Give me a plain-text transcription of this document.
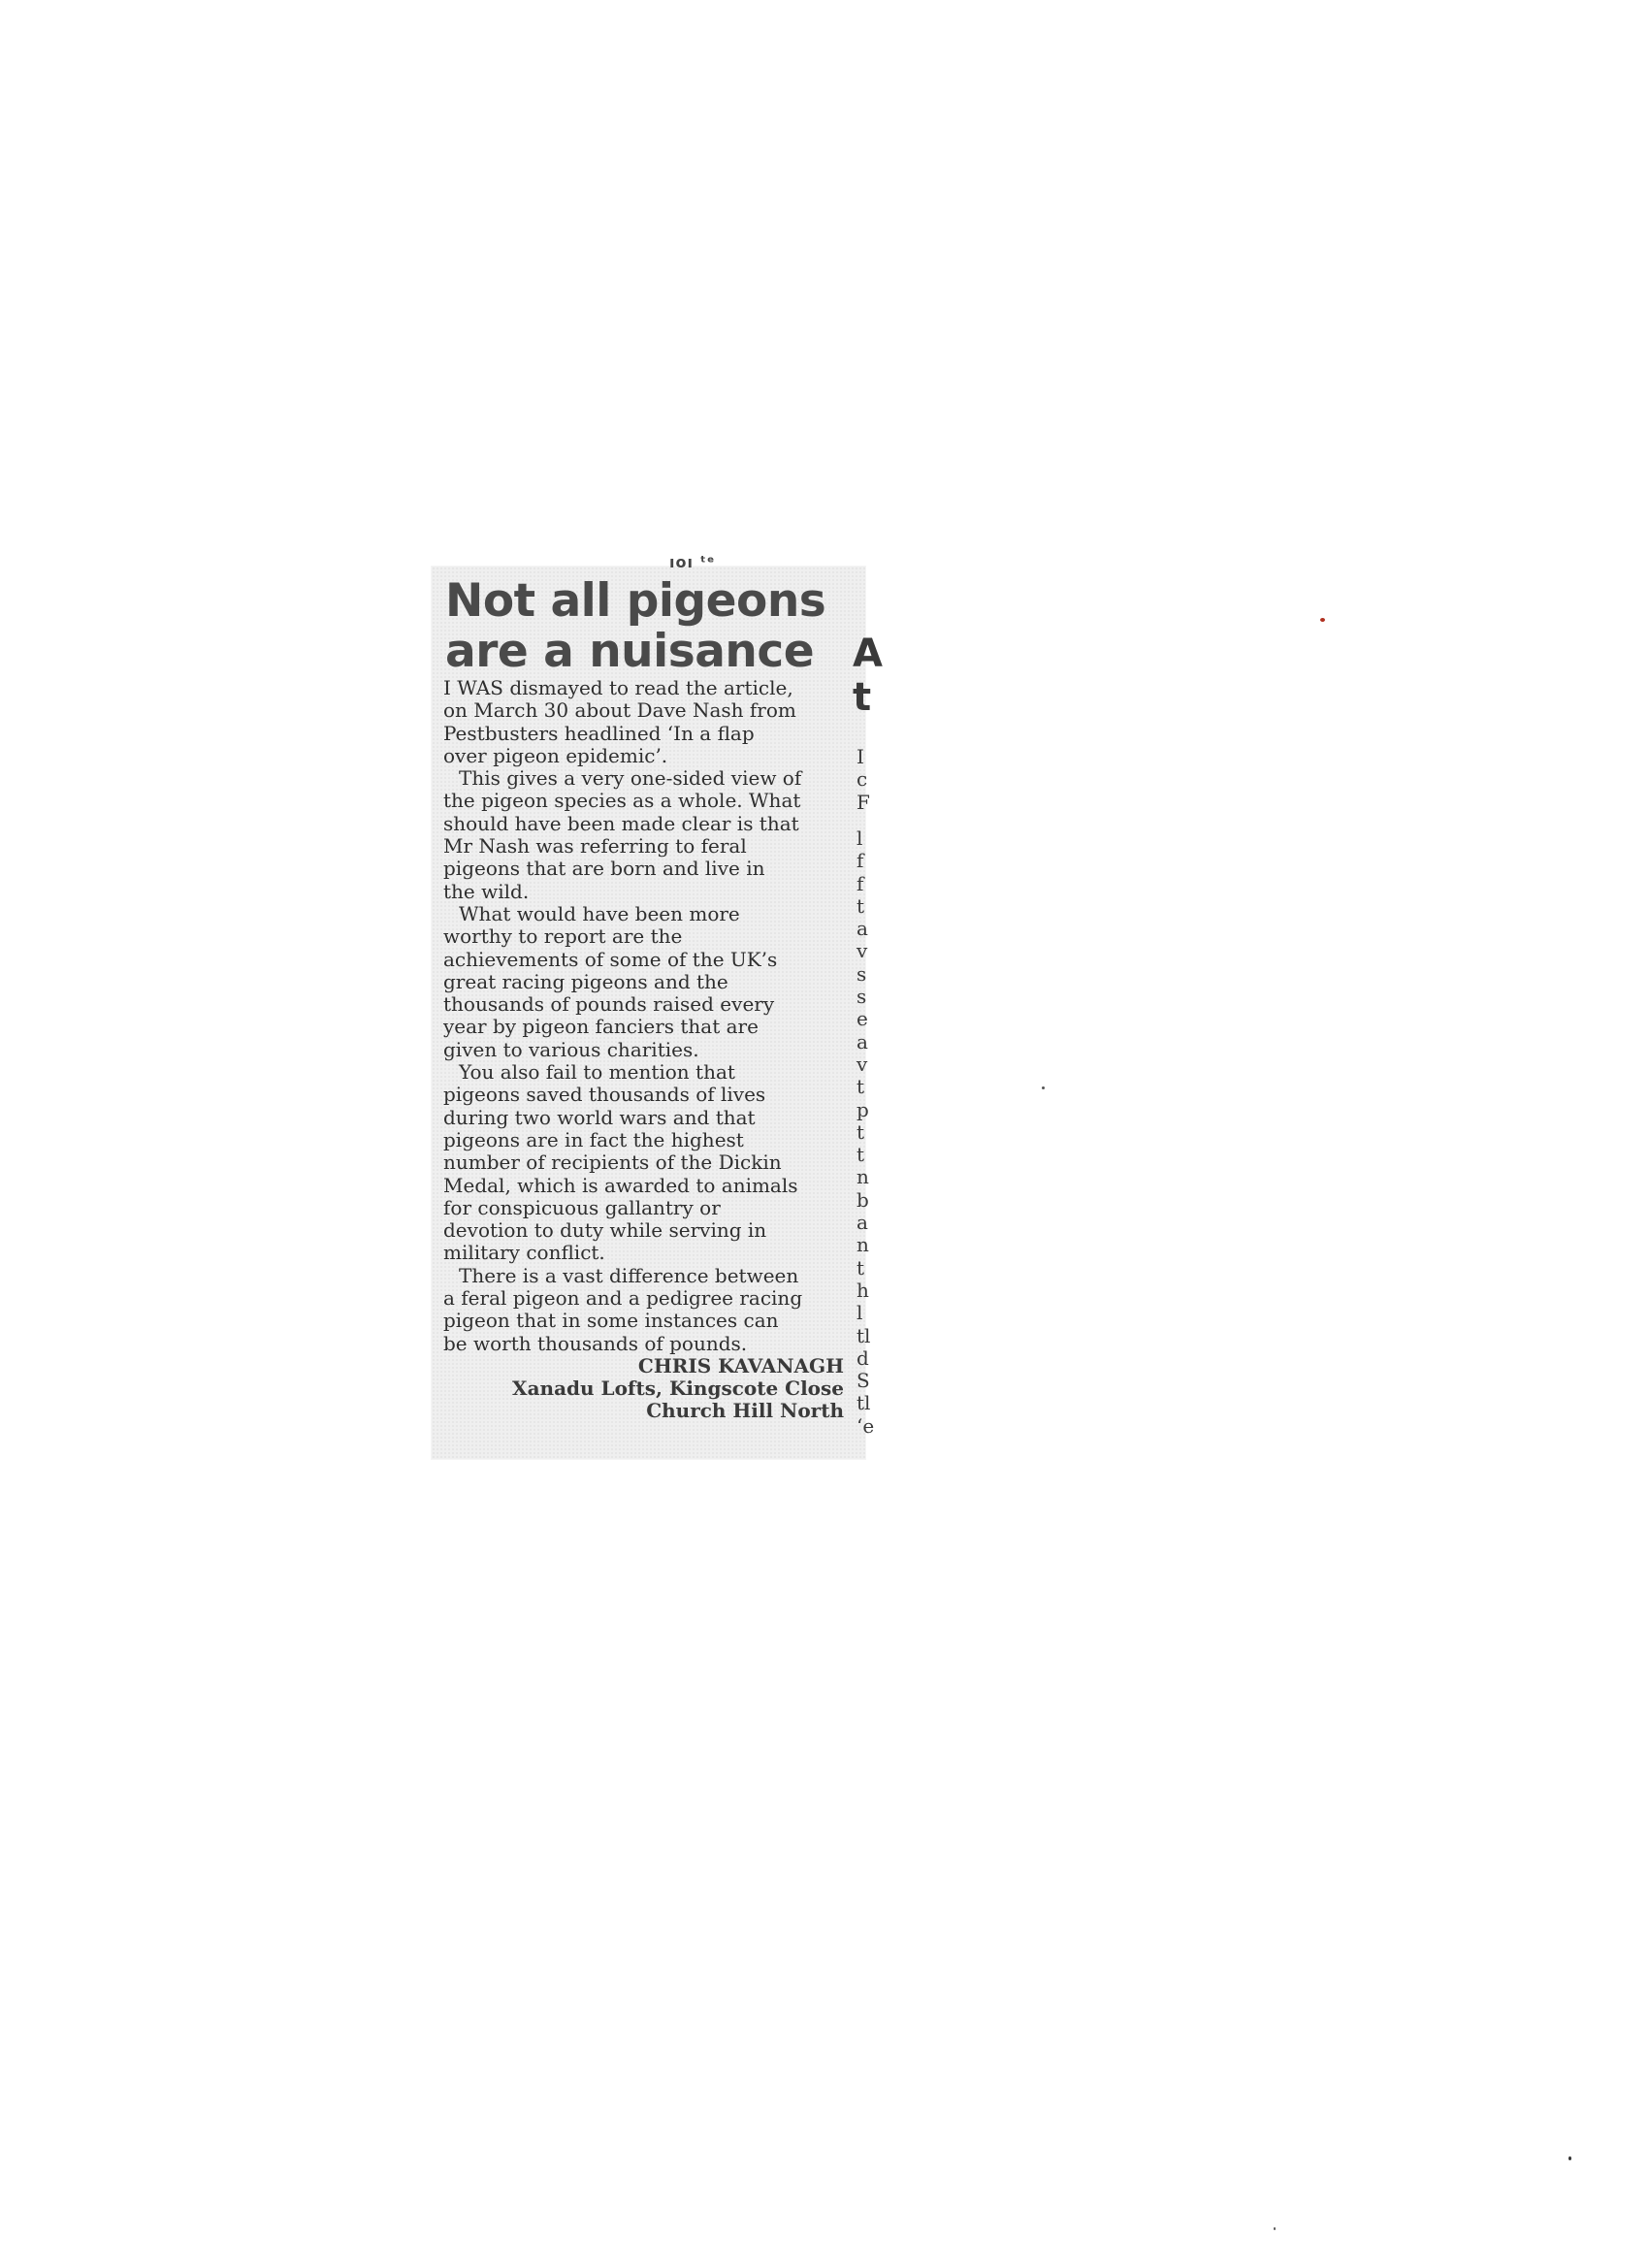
ıoı ᵗᵉ
Not all pigeons
are a nuisance
I WAS dismayed to read the article,
on March 30 about Dave Nash from
Pestbusters headlined ‘In a flap
over pigeon epidemic’.
This gives a very one-sided view of
the pigeon species as a whole. What
should have been made clear is that
Mr Nash was referring to feral
pigeons that are born and live in
the wild.
What would have been more
worthy to report are the
achievements of some of the UK’s
great racing pigeons and the
thousands of pounds raised every
year by pigeon fanciers that are
given to various charities.
You also fail to mention that
pigeons saved thousands of lives
during two world wars and that
pigeons are in fact the highest
number of recipients of the Dickin
Medal, which is awarded to animals
for conspicuous gallantry or
devotion to duty while serving in
military conflict.
There is a vast difference between
a feral pigeon and a pedigree racing
pigeon that in some instances can
be worth thousands of pounds.
CHRIS KAVANAGH
Xanadu Lofts, Kingscote Close
Church Hill North
A
t
I
c
F
l
f
f
t
a
v
s
s
e
a
v
t
p
t
t
n
b
a
n
t
h
l
tl
d
S
tl
‘e
